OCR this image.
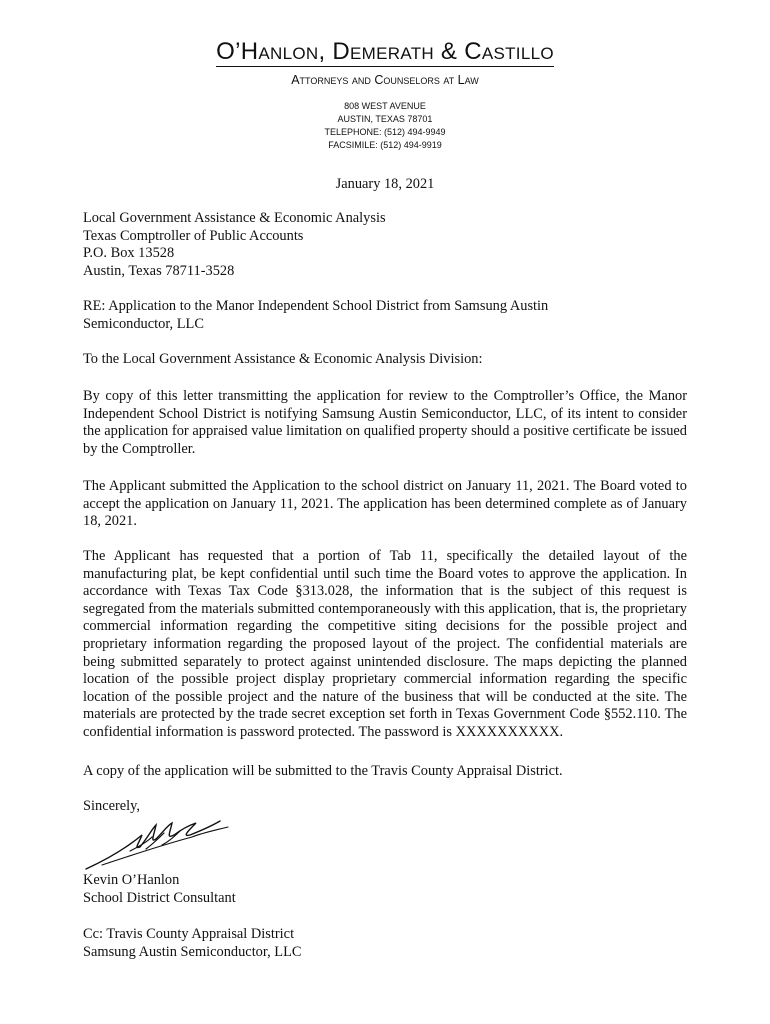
O’Hanlon, Demerath & Castillo
Attorneys and Counselors at Law
808 WEST AVENUE
AUSTIN, TEXAS 78701
TELEPHONE: (512) 494-9949
FACSIMILE: (512) 494-9919
January 18, 2021
Local Government Assistance & Economic Analysis
Texas Comptroller of Public Accounts
P.O. Box 13528
Austin, Texas 78711-3528
RE: Application to the Manor Independent School District from Samsung Austin
Semiconductor, LLC

To the Local Government Assistance & Economic Analysis Division:

By copy of this letter transmitting the application for review to the Comptroller’s Office, the Manor Independent School District is notifying Samsung Austin Semiconductor, LLC, of its intent to consider the application for appraised value limitation on qualified property should a positive certificate be issued by the Comptroller.

The Applicant submitted the Application to the school district on January 11, 2021. The Board voted to accept the application on January 11, 2021. The application has been determined complete as of January 18, 2021.

The Applicant has requested that a portion of Tab 11, specifically the detailed layout of the manufacturing plat, be kept confidential until such time the Board votes to approve the application. In accordance with Texas Tax Code §313.028, the information that is the subject of this request is segregated from the materials submitted contemporaneously with this application, that is, the proprietary commercial information regarding the competitive siting decisions for the possible project and proprietary information regarding the proposed layout of the project. The confidential materials are being submitted separately to protect against unintended disclosure. The maps depicting the planned location of the possible project display proprietary commercial information regarding the specific location of the possible project and the nature of the business that will be conducted at the site. The materials are protected by the trade secret exception set forth in Texas Government Code §552.110. The confidential information is password protected. The password is XXXXXXXXXX.

A copy of the application will be submitted to the Travis County Appraisal District.

Sincerely,

Kevin O’Hanlon
School District Consultant
Cc: Travis County Appraisal District
Samsung Austin Semiconductor, LLC
